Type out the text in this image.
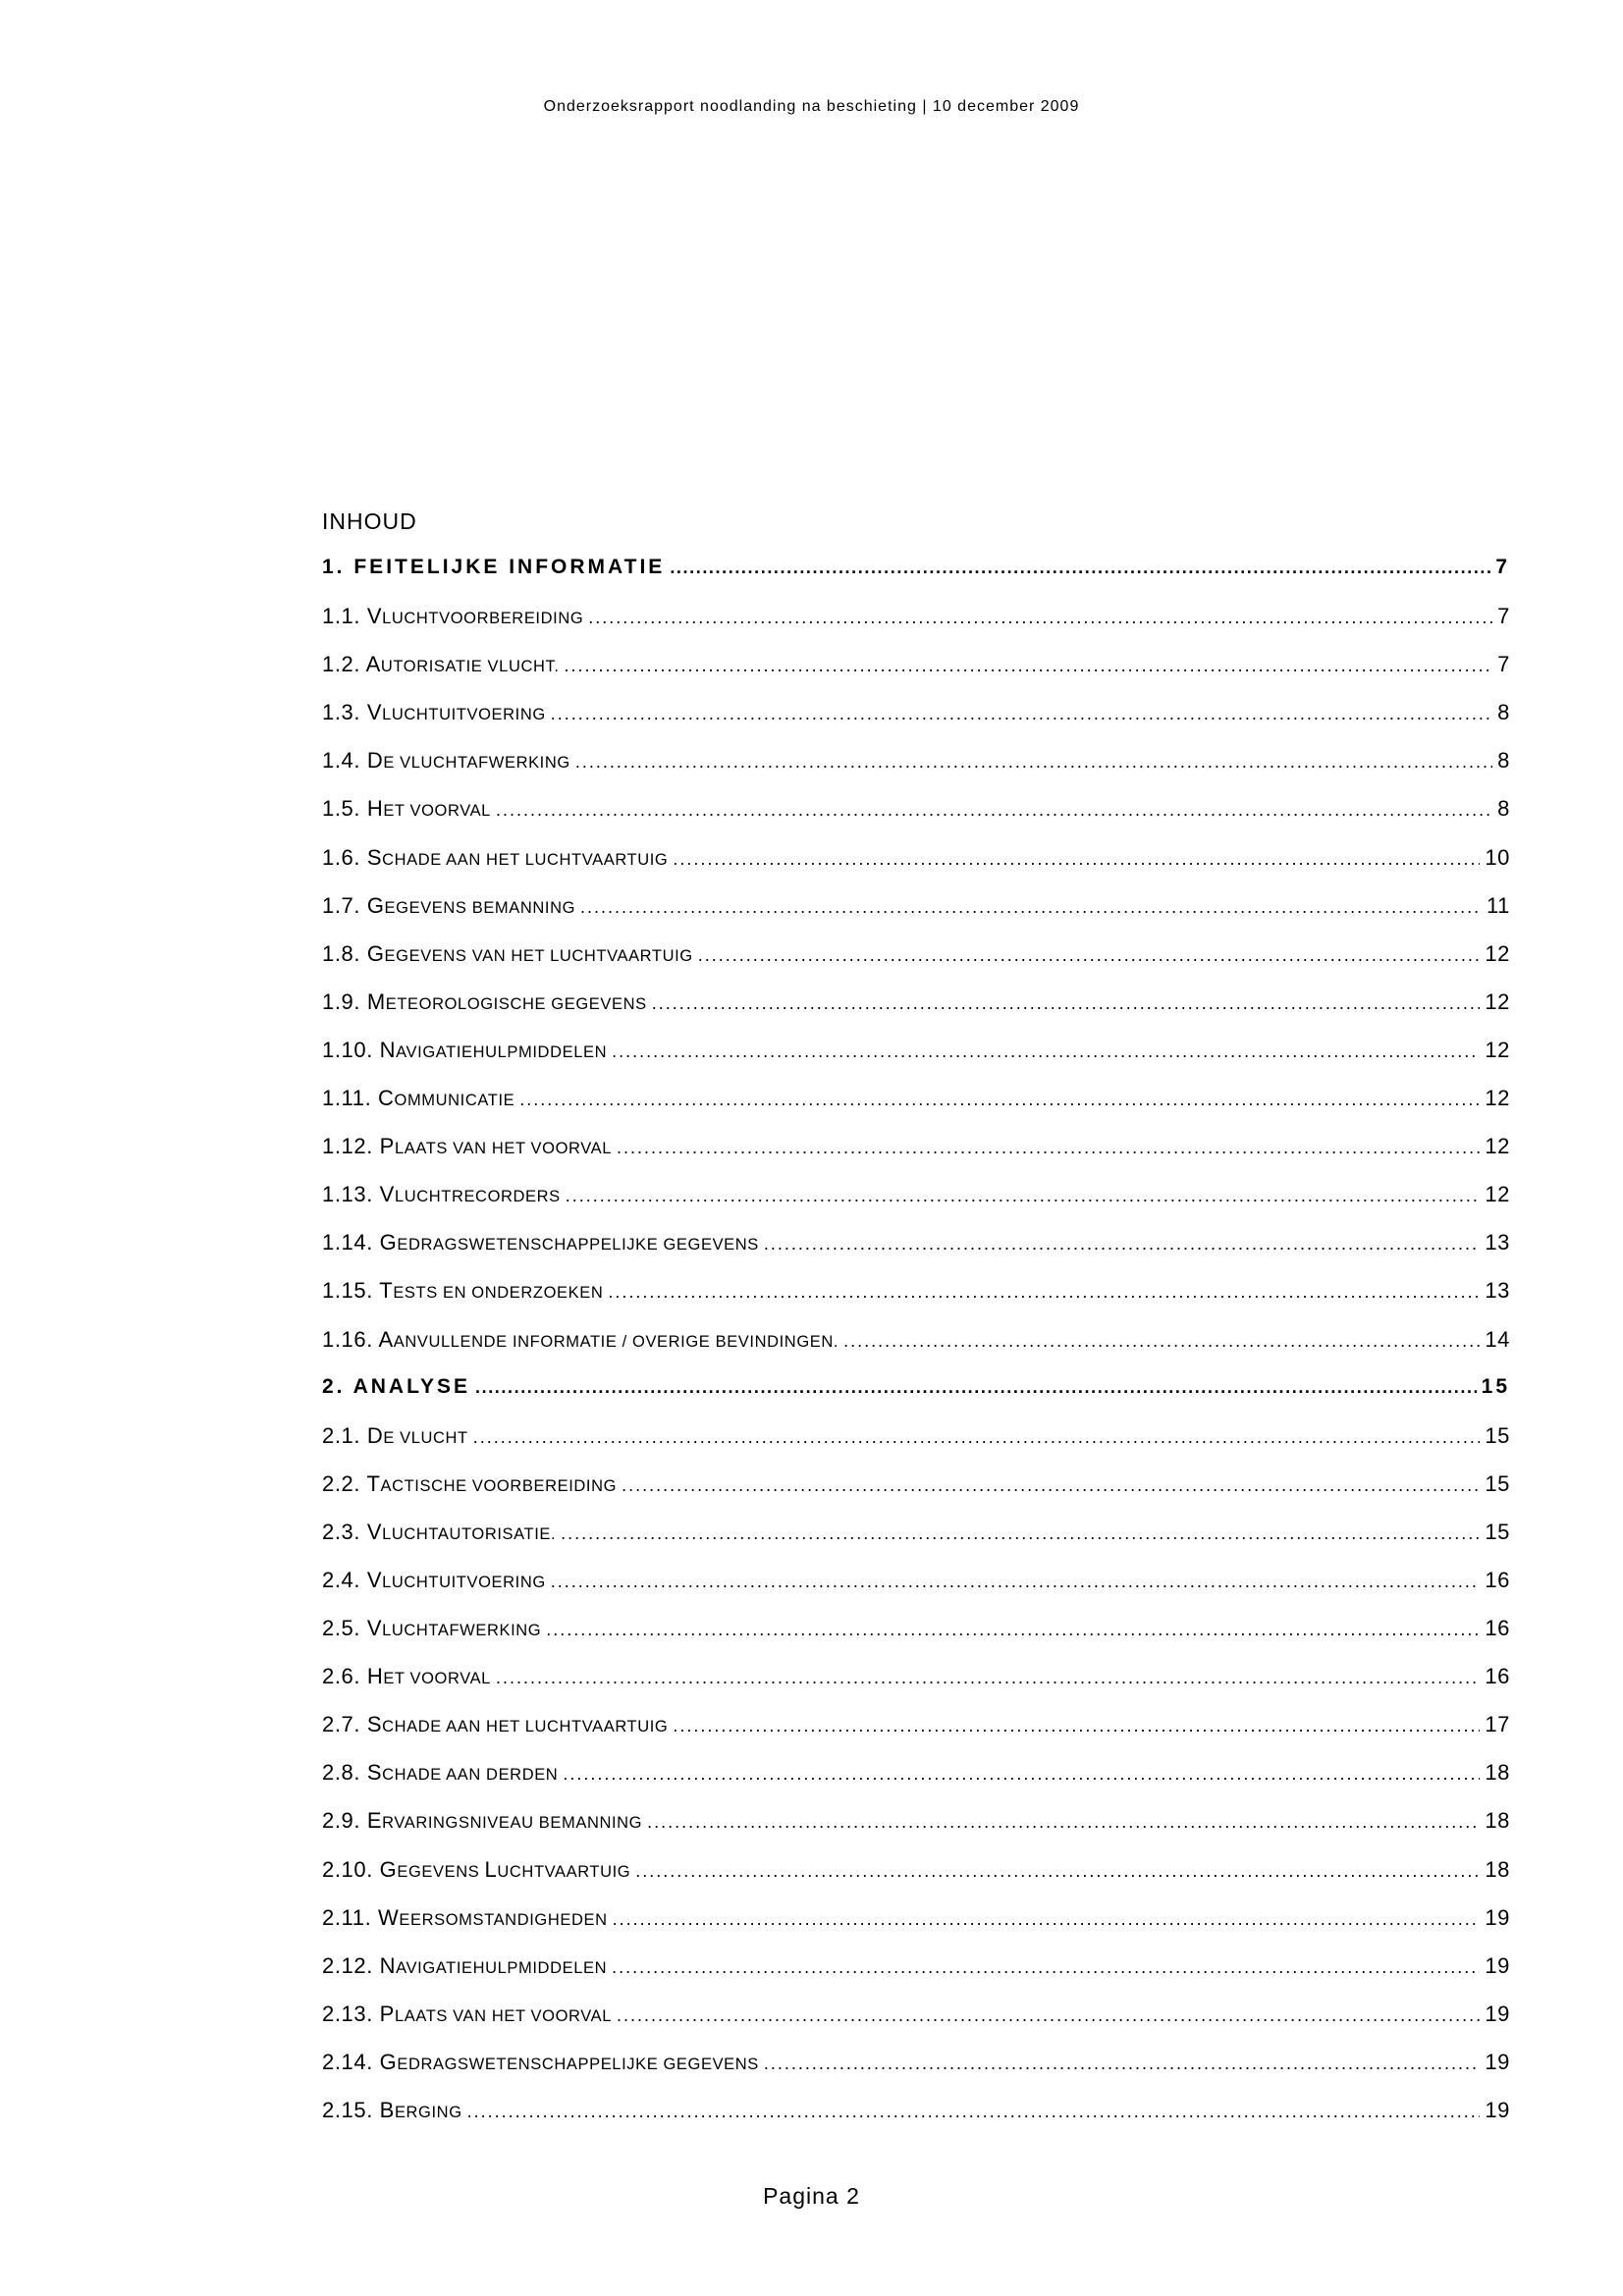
Onderzoeksrapport noodlanding na beschieting | 10 december 2009
INHOUD
1. FEITELIJKE INFORMATIE .....	7
1.1. VLUCHTVOORBEREIDING .....	7
1.2. AUTORISATIE VLUCHT. .....	7
1.3. VLUCHTUITVOERING .....	8
1.4. DE VLUCHTAFWERKING .....	8
1.5. HET VOORVAL .....	8
1.6. SCHADE AAN HET LUCHTVAARTUIG .....	10
1.7. GEGEVENS BEMANNING .....	11
1.8. GEGEVENS VAN HET LUCHTVAARTUIG .....	12
1.9. METEOROLOGISCHE GEGEVENS .....	12
1.10. NAVIGATIEHULPMIDDELEN .....	12
1.11. COMMUNICATIE .....	12
1.12. PLAATS VAN HET VOORVAL .....	12
1.13. VLUCHTRECORDERS .....	12
1.14. GEDRAGSWETENSCHAPPELIJKE GEGEVENS .....	13
1.15. TESTS EN ONDERZOEKEN .....	13
1.16. AANVULLENDE INFORMATIE / OVERIGE BEVINDINGEN. .....	14
2. ANALYSE .....	15
2.1. DE VLUCHT .....	15
2.2. TACTISCHE VOORBEREIDING .....	15
2.3. VLUCHTAUTORISATIE. .....	15
2.4. VLUCHTUITVOERING .....	16
2.5. VLUCHTAFWERKING .....	16
2.6. HET VOORVAL .....	16
2.7. SCHADE AAN HET LUCHTVAARTUIG .....	17
2.8. SCHADE AAN DERDEN .....	18
2.9. ERVARINGSNIVEAU BEMANNING .....	18
2.10. GEGEVENS LUCHTVAARTUIG .....	18
2.11. WEERSOMSTANDIGHEDEN .....	19
2.12. NAVIGATIEHULPMIDDELEN .....	19
2.13. PLAATS VAN HET VOORVAL .....	19
2.14. GEDRAGSWETENSCHAPPELIJKE GEGEVENS .....	19
2.15. BERGING .....	19
Pagina 2
